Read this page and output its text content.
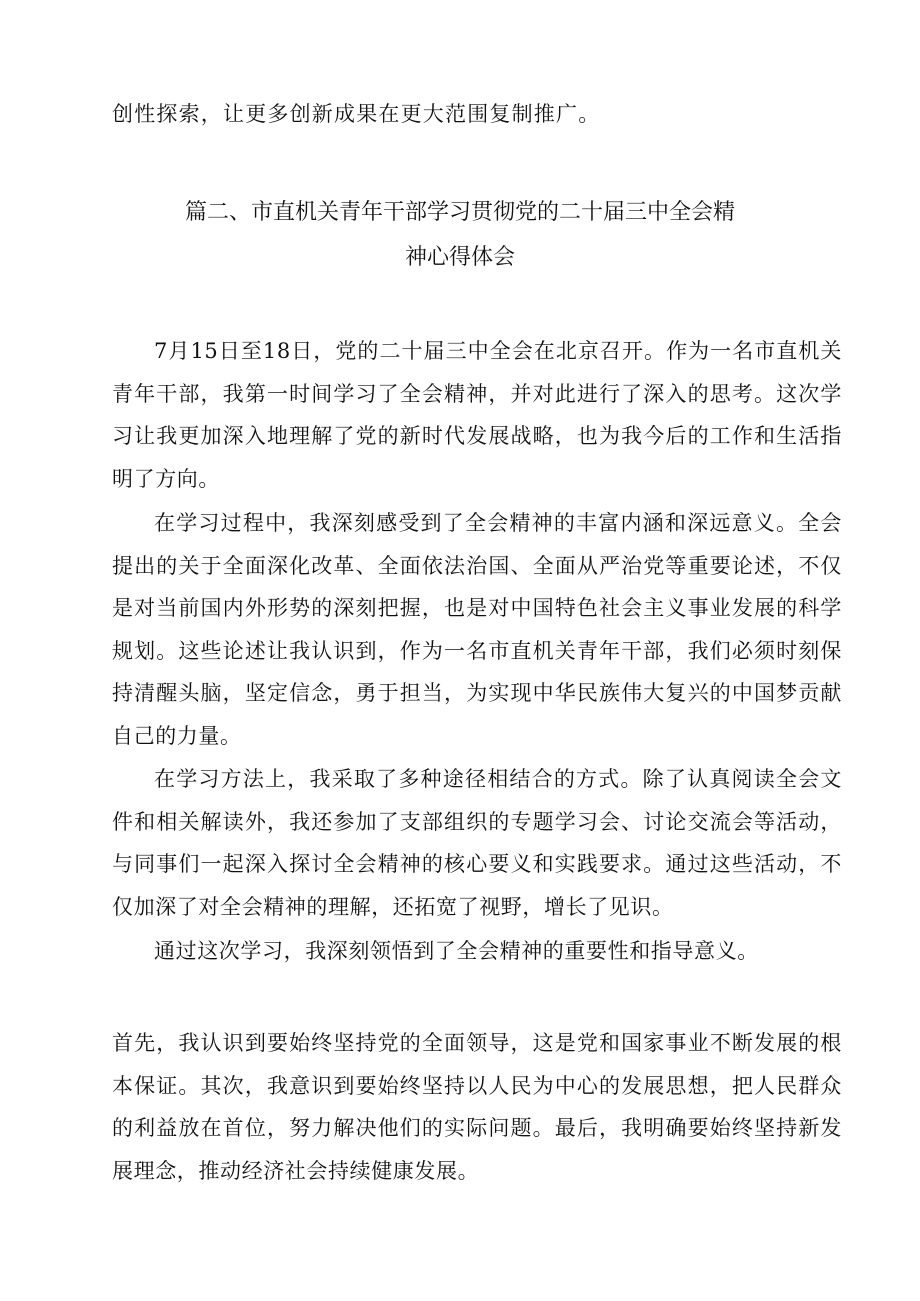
创性探索，让更多创新成果在更大范围复制推广。
篇二、市直机关青年干部学习贯彻党的二十届三中全会精
神心得体会
7月15日至18日，党的二十届三中全会在北京召开。作为一名市直机关青年干部，我第一时间学习了全会精神，并对此进行了深入的思考。这次学习让我更加深入地理解了党的新时代发展战略，也为我今后的工作和生活指明了方向。
在学习过程中，我深刻感受到了全会精神的丰富内涵和深远意义。全会提出的关于全面深化改革、全面依法治国、全面从严治党等重要论述，不仅是对当前国内外形势的深刻把握，也是对中国特色社会主义事业发展的科学规划。这些论述让我认识到，作为一名市直机关青年干部，我们必须时刻保持清醒头脑，坚定信念，勇于担当，为实现中华民族伟大复兴的中国梦贡献自己的力量。
在学习方法上，我采取了多种途径相结合的方式。除了认真阅读全会文件和相关解读外，我还参加了支部组织的专题学习会、讨论交流会等活动，与同事们一起深入探讨全会精神的核心要义和实践要求。通过这些活动，不仅加深了对全会精神的理解，还拓宽了视野，增长了见识。
通过这次学习，我深刻领悟到了全会精神的重要性和指导意义。
首先，我认识到要始终坚持党的全面领导，这是党和国家事业不断发展的根本保证。其次，我意识到要始终坚持以人民为中心的发展思想，把人民群众的利益放在首位，努力解决他们的实际问题。最后，我明确要始终坚持新发展理念，推动经济社会持续健康发展。
